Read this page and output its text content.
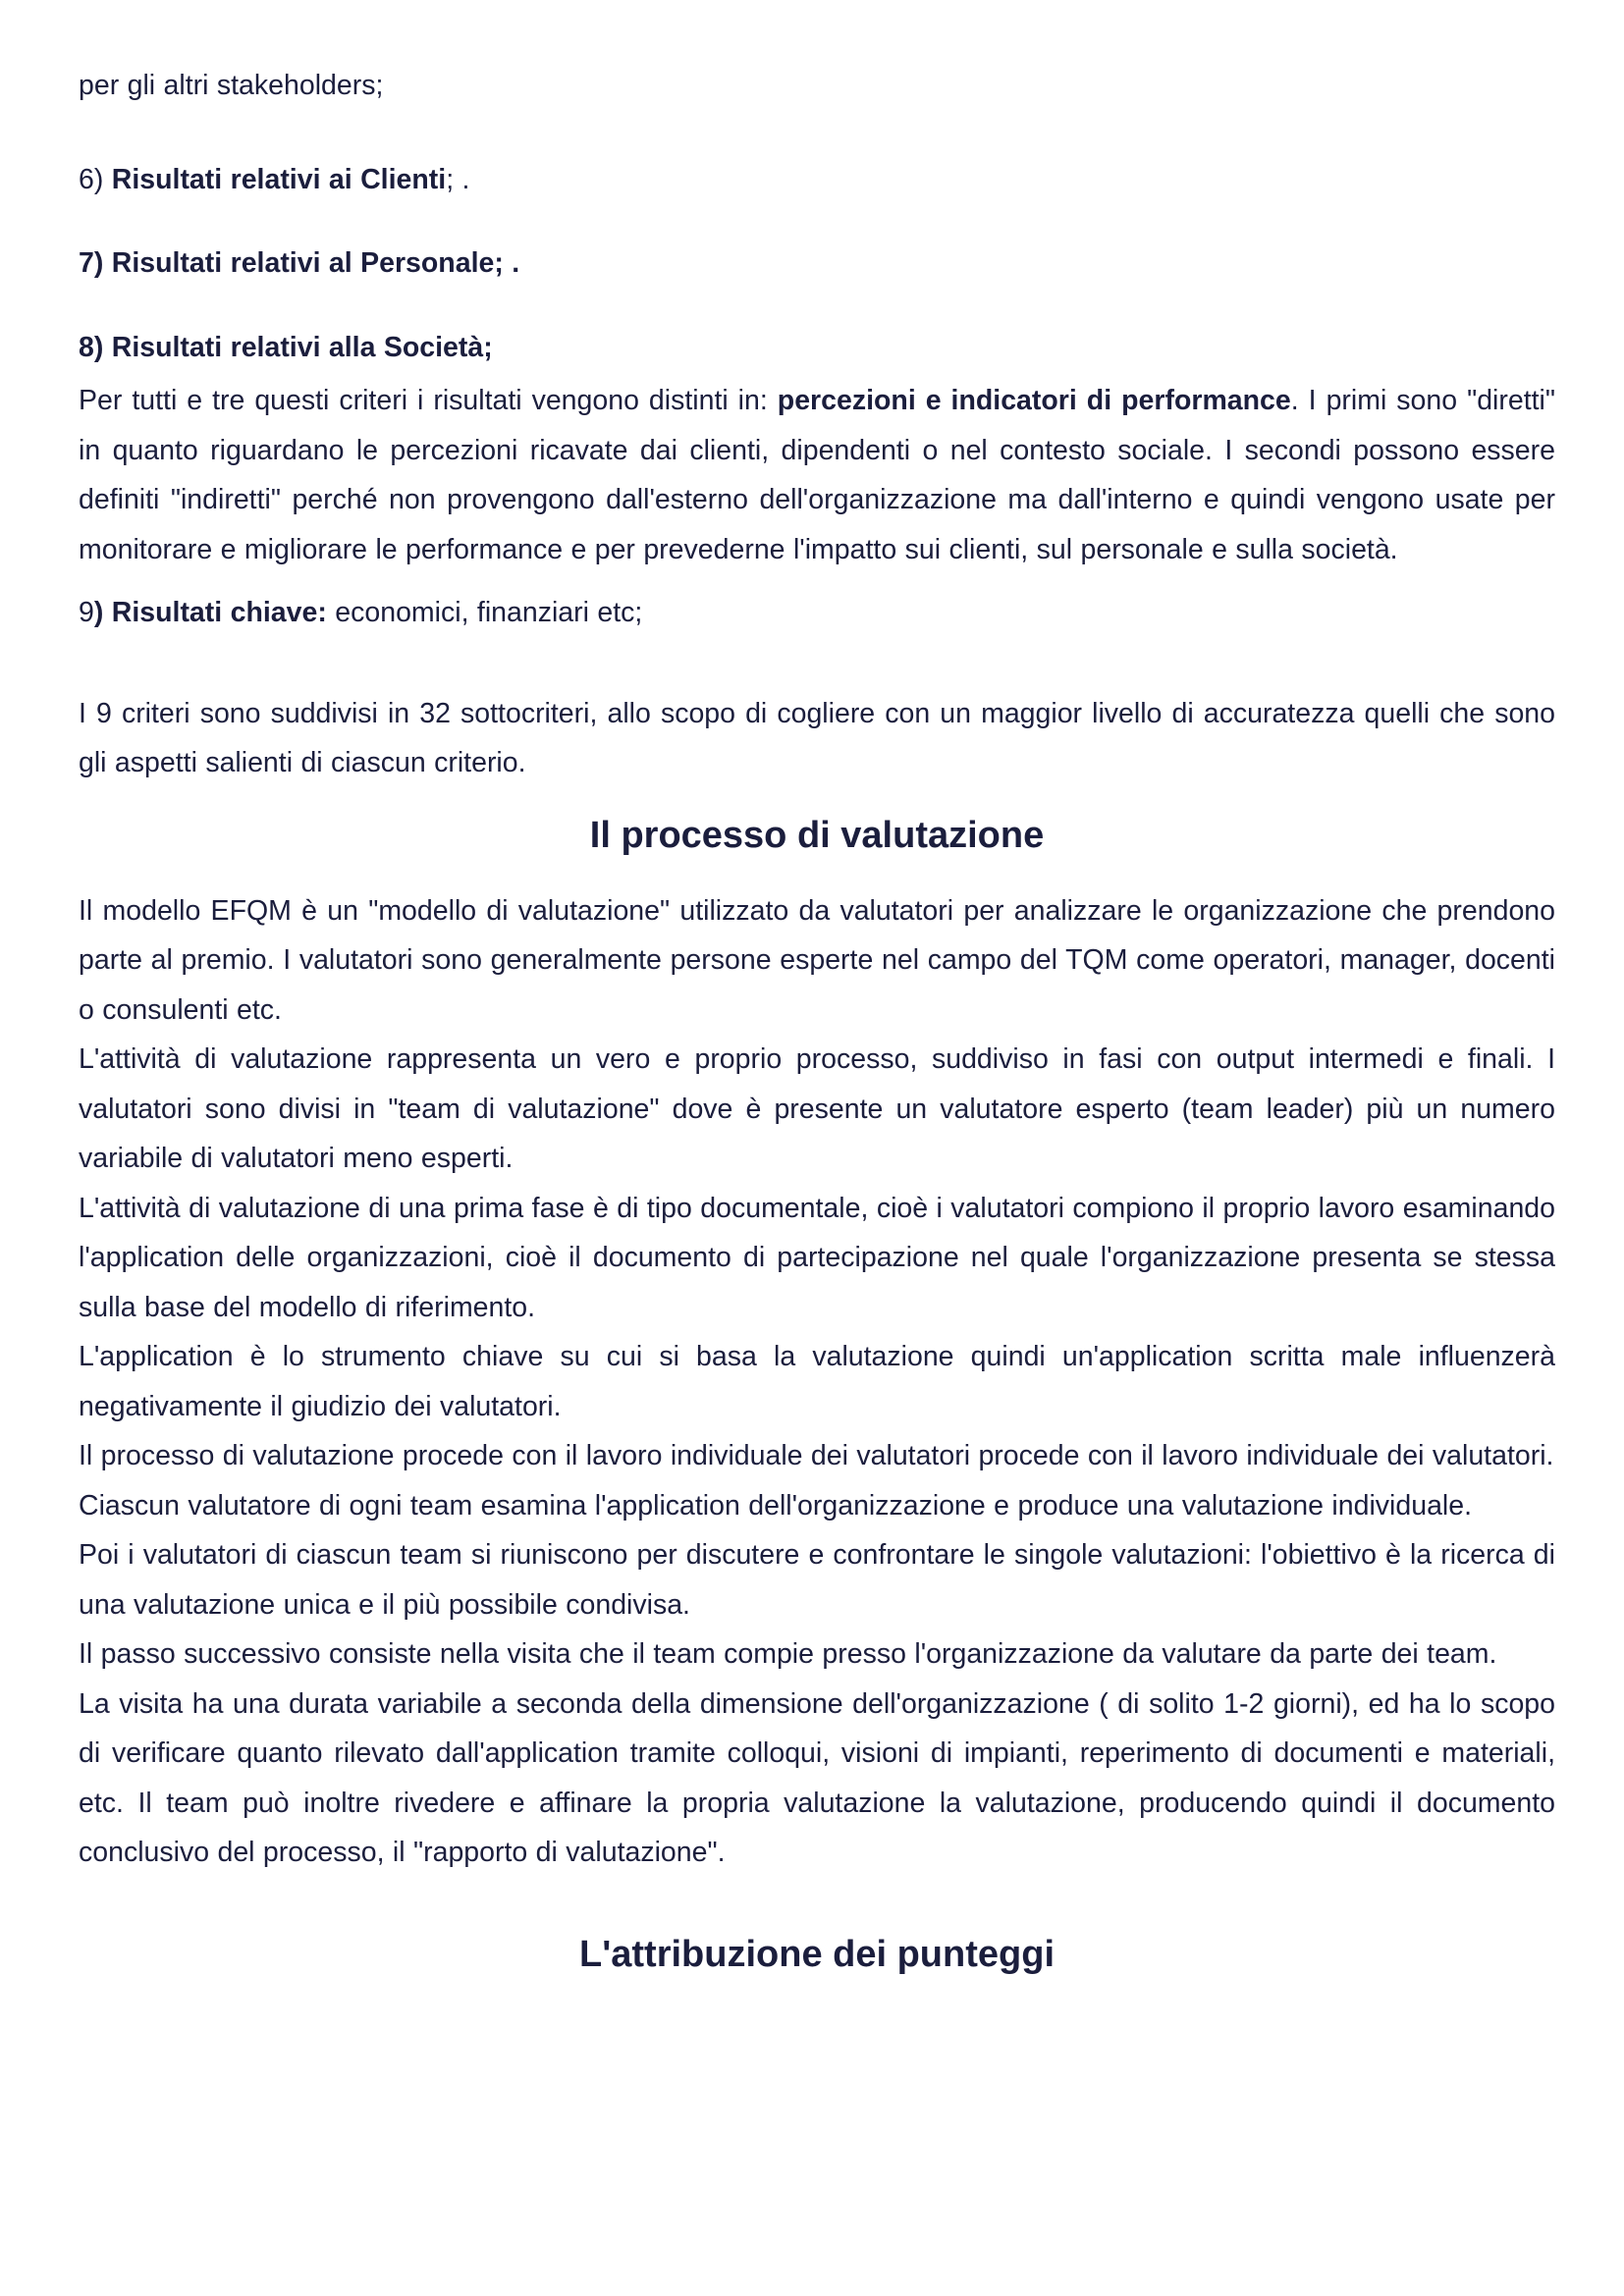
per gli altri stakeholders;

6) Risultati relativi ai Clienti; .

7) Risultati relativi al Personale; .

8) Risultati relativi alla Società;

Per tutti e tre questi criteri i risultati vengono distinti in: percezioni e indicatori di performance. I primi sono "diretti" in quanto riguardano le percezioni ricavate dai clienti, dipendenti o nel contesto sociale. I secondi possono essere definiti "indiretti" perché non provengono dall'esterno dell'organizzazione ma dall'interno e quindi vengono usate per monitorare e migliorare le performance e per prevederne l'impatto sui clienti, sul personale e sulla società.

9) Risultati chiave: economici, finanziari etc;

I 9 criteri sono suddivisi in 32 sottocriteri, allo scopo di cogliere con un maggior livello di accuratezza quelli che sono gli aspetti salienti di ciascun criterio.

Il processo di valutazione

Il modello EFQM è un "modello di valutazione" utilizzato da valutatori per analizzare le organizzazione che prendono parte al premio. I valutatori sono generalmente persone esperte nel campo del TQM come operatori, manager, docenti o consulenti etc.

L'attività di valutazione rappresenta un vero e proprio processo, suddiviso in fasi con output intermedi e finali. I valutatori sono divisi in "team di valutazione" dove è presente un valutatore esperto (team leader) più un numero variabile di valutatori meno esperti.

L'attività di valutazione di una prima fase è di tipo documentale, cioè i valutatori compiono il proprio lavoro esaminando l'application delle organizzazioni, cioè il documento di partecipazione nel quale l'organizzazione presenta se stessa sulla base del modello di riferimento.

L'application è lo strumento chiave su cui si basa la valutazione quindi un'application scritta male influenzerà negativamente il giudizio dei valutatori.

Il processo di valutazione procede con il lavoro individuale dei valutatori procede con il lavoro individuale dei valutatori.

Ciascun valutatore di ogni team esamina l'application dell'organizzazione e produce una valutazione individuale.

Poi i valutatori di ciascun team si riuniscono per discutere e confrontare le singole valutazioni: l'obiettivo è la ricerca di una valutazione unica e il più possibile condivisa.

Il passo successivo consiste nella visita che il team compie presso l'organizzazione da valutare da parte dei team.

La visita ha una durata variabile a seconda della dimensione dell'organizzazione ( di solito 1-2 giorni), ed ha lo scopo di verificare quanto rilevato dall'application tramite colloqui, visioni di impianti, reperimento di documenti e materiali, etc. Il team può inoltre rivedere e affinare la propria valutazione la valutazione, producendo quindi il documento conclusivo del processo, il "rapporto di valutazione".

L'attribuzione dei punteggi
